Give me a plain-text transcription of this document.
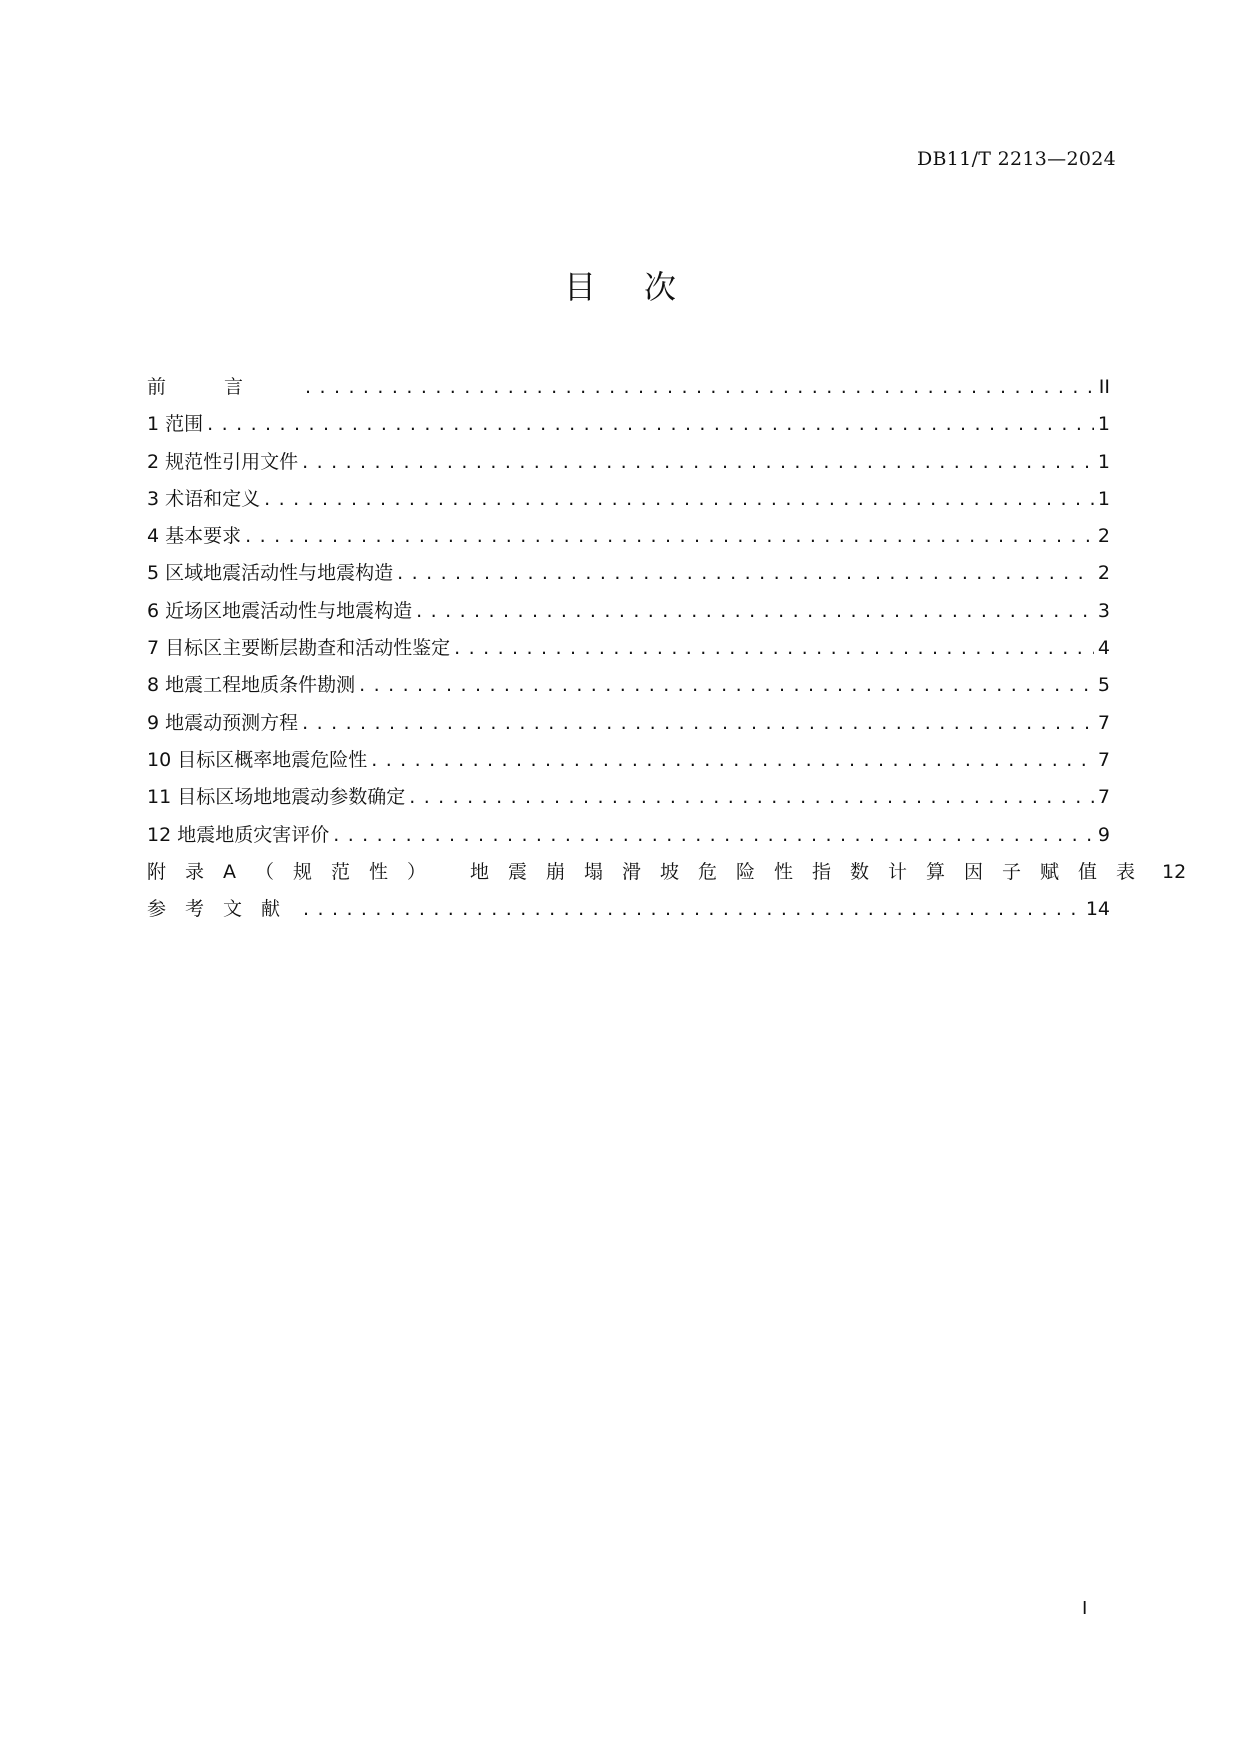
DB11/T 2213—2024
目次
前言 . . .	II
1 范围 . . .	1
2 规范性引用文件 . . .	1
3 术语和定义 . . .	1
4 基本要求 . . .	2
5 区域地震活动性与地震构造 . . .	2
6 近场区地震活动性与地震构造 . . .	3
7 目标区主要断层勘查和活动性鉴定 . . .	4
8 地震工程地质条件勘测 . . .	5
9 地震动预测方程 . . .	7
10 目标区概率地震危险性 . . .	7
11 目标区场地地震动参数确定 . . .	7
12 地震地质灾害评价 . . .	9
附录A（规范性） 地震崩塌滑坡危险性指数计算因子赋值表 12
参考文献 . . .	14
I
